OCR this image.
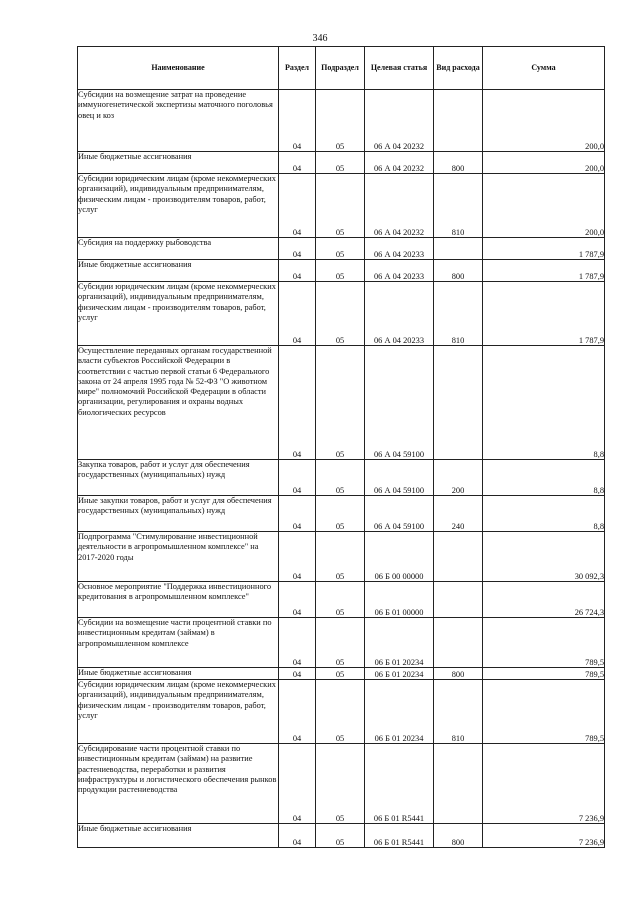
346
Наименование	Раздел	Подраздел	Целевая статья	Вид расхода	Сумма

Субсидии на возмещение затрат на проведение иммуногенетической экспертизы маточного поголовья овец и коз	04	05	06 А 04 20232		200,0

Иные бюджетные ассигнования	04	05	06 А 04 20232	800	200,0

Субсидии юридическим лицам (кроме некоммерческих организаций), индивидуальным предпринимателям, физическим лицам - производителям товаров, работ, услуг	04	05	06 А 04 20232	810	200,0

Субсидия на поддержку рыбоводства	04	05	06 А 04 20233		1 787,9

Иные бюджетные ассигнования	04	05	06 А 04 20233	800	1 787,9

Субсидии юридическим лицам (кроме некоммерческих организаций), индивидуальным предпринимателям, физическим лицам - производителям товаров, работ, услуг	04	05	06 А 04 20233	810	1 787,9

Осуществление переданных органам государственной власти субъектов Российской Федерации в соответствии с частью первой статьи 6 Федерального закона от 24 апреля 1995 года № 52-ФЗ "О животном мире" полномочий Российской Федерации в области организации, регулирования и охраны водных биологических ресурсов	04	05	06 А 04 59100		8,8

Закупка товаров, работ и услуг для обеспечения государственных (муниципальных) нужд	04	05	06 А 04 59100	200	8,8

Иные закупки товаров, работ и услуг для обеспечения государственных (муниципальных) нужд	04	05	06 А 04 59100	240	8,8

Подпрограмма "Стимулирование инвестиционной деятельности в агропромышленном комплексе" на 2017-2020 годы	04	05	06 Б 00 00000		30 092,3

Основное мероприятие "Поддержка инвестиционного кредитования в агропромышленном комплексе"	04	05	06 Б 01 00000		26 724,3

Субсидии на возмещение части процентной ставки по инвестиционным кредитам (займам) в агропромышленном комплексе	04	05	06 Б 01 20234		789,5

Иные бюджетные ассигнования	04	05	06 Б 01 20234	800	789,5

Субсидии юридическим лицам (кроме некоммерческих организаций), индивидуальным предпринимателям, физическим лицам - производителям товаров, работ, услуг	04	05	06 Б 01 20234	810	789,5

Субсидирование части процентной ставки по инвестиционным кредитам (займам) на развитие растениеводства, переработки и развития инфраструктуры и логистического обеспечения рынков продукции растениеводства	04	05	06 Б 01 R5441		7 236,9

Иные бюджетные ассигнования	04	05	06 Б 01 R5441	800	7 236,9
